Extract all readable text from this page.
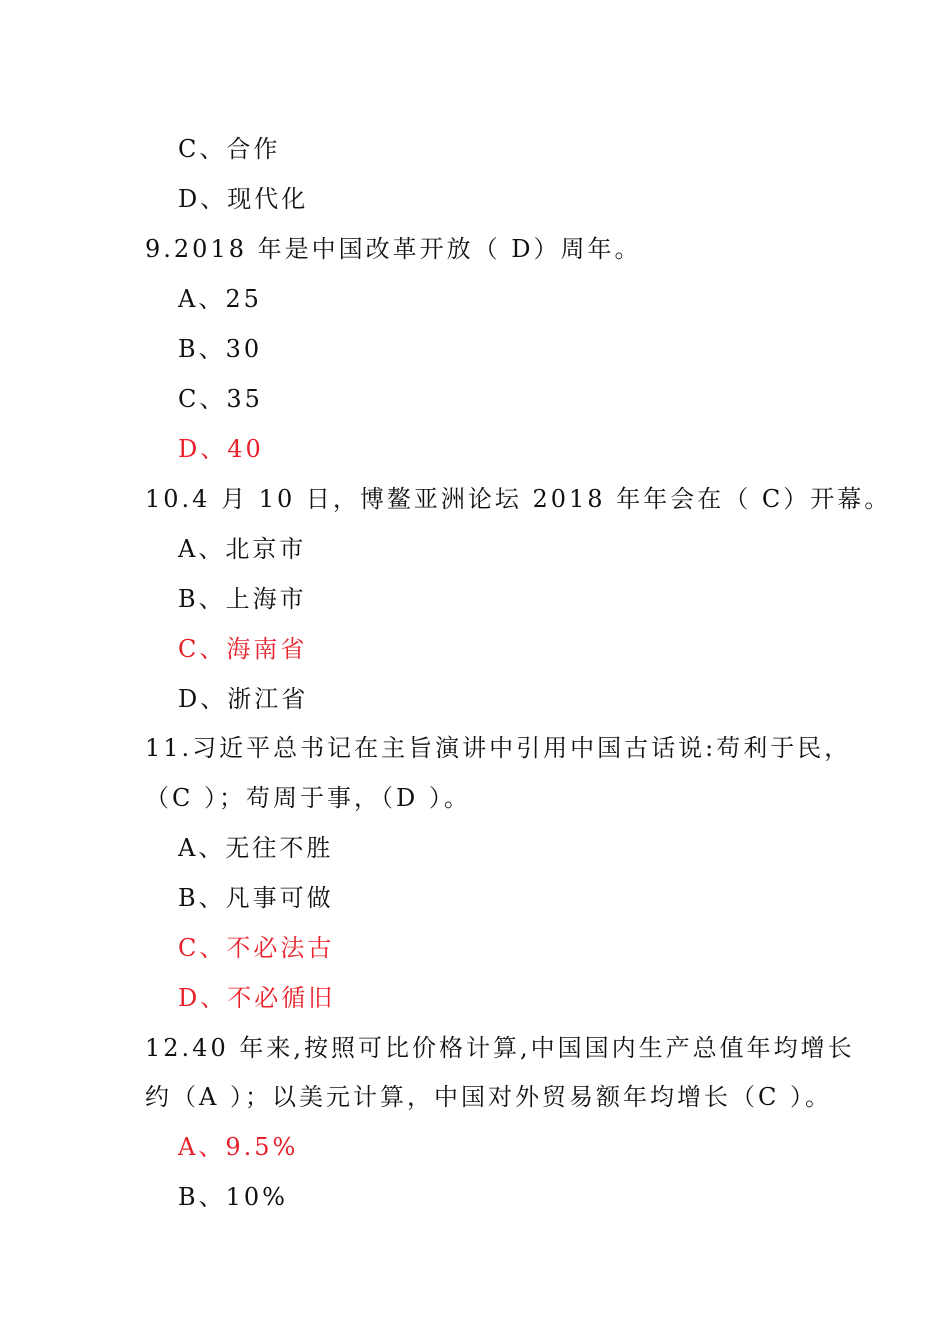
C、合作
D、现代化
9.2018 年是中国改革开放（ D）周年。
A、25
B、30
C、35
D、40
10.4 月 10 日，博鳌亚洲论坛 2018 年年会在（ C）开幕。
A、北京市
B、上海市
C、海南省
D、浙江省
11.习近平总书记在主旨演讲中引用中国古话说:苟利于民，
（C ）；苟周于事，（D ）。
A、无往不胜
B、凡事可做
C、不必法古
D、不必循旧
12.40 年来,按照可比价格计算,中国国内生产总值年均增长
约（A ）；以美元计算，中国对外贸易额年均增长（C ）。
A、9.5%
B、10%
